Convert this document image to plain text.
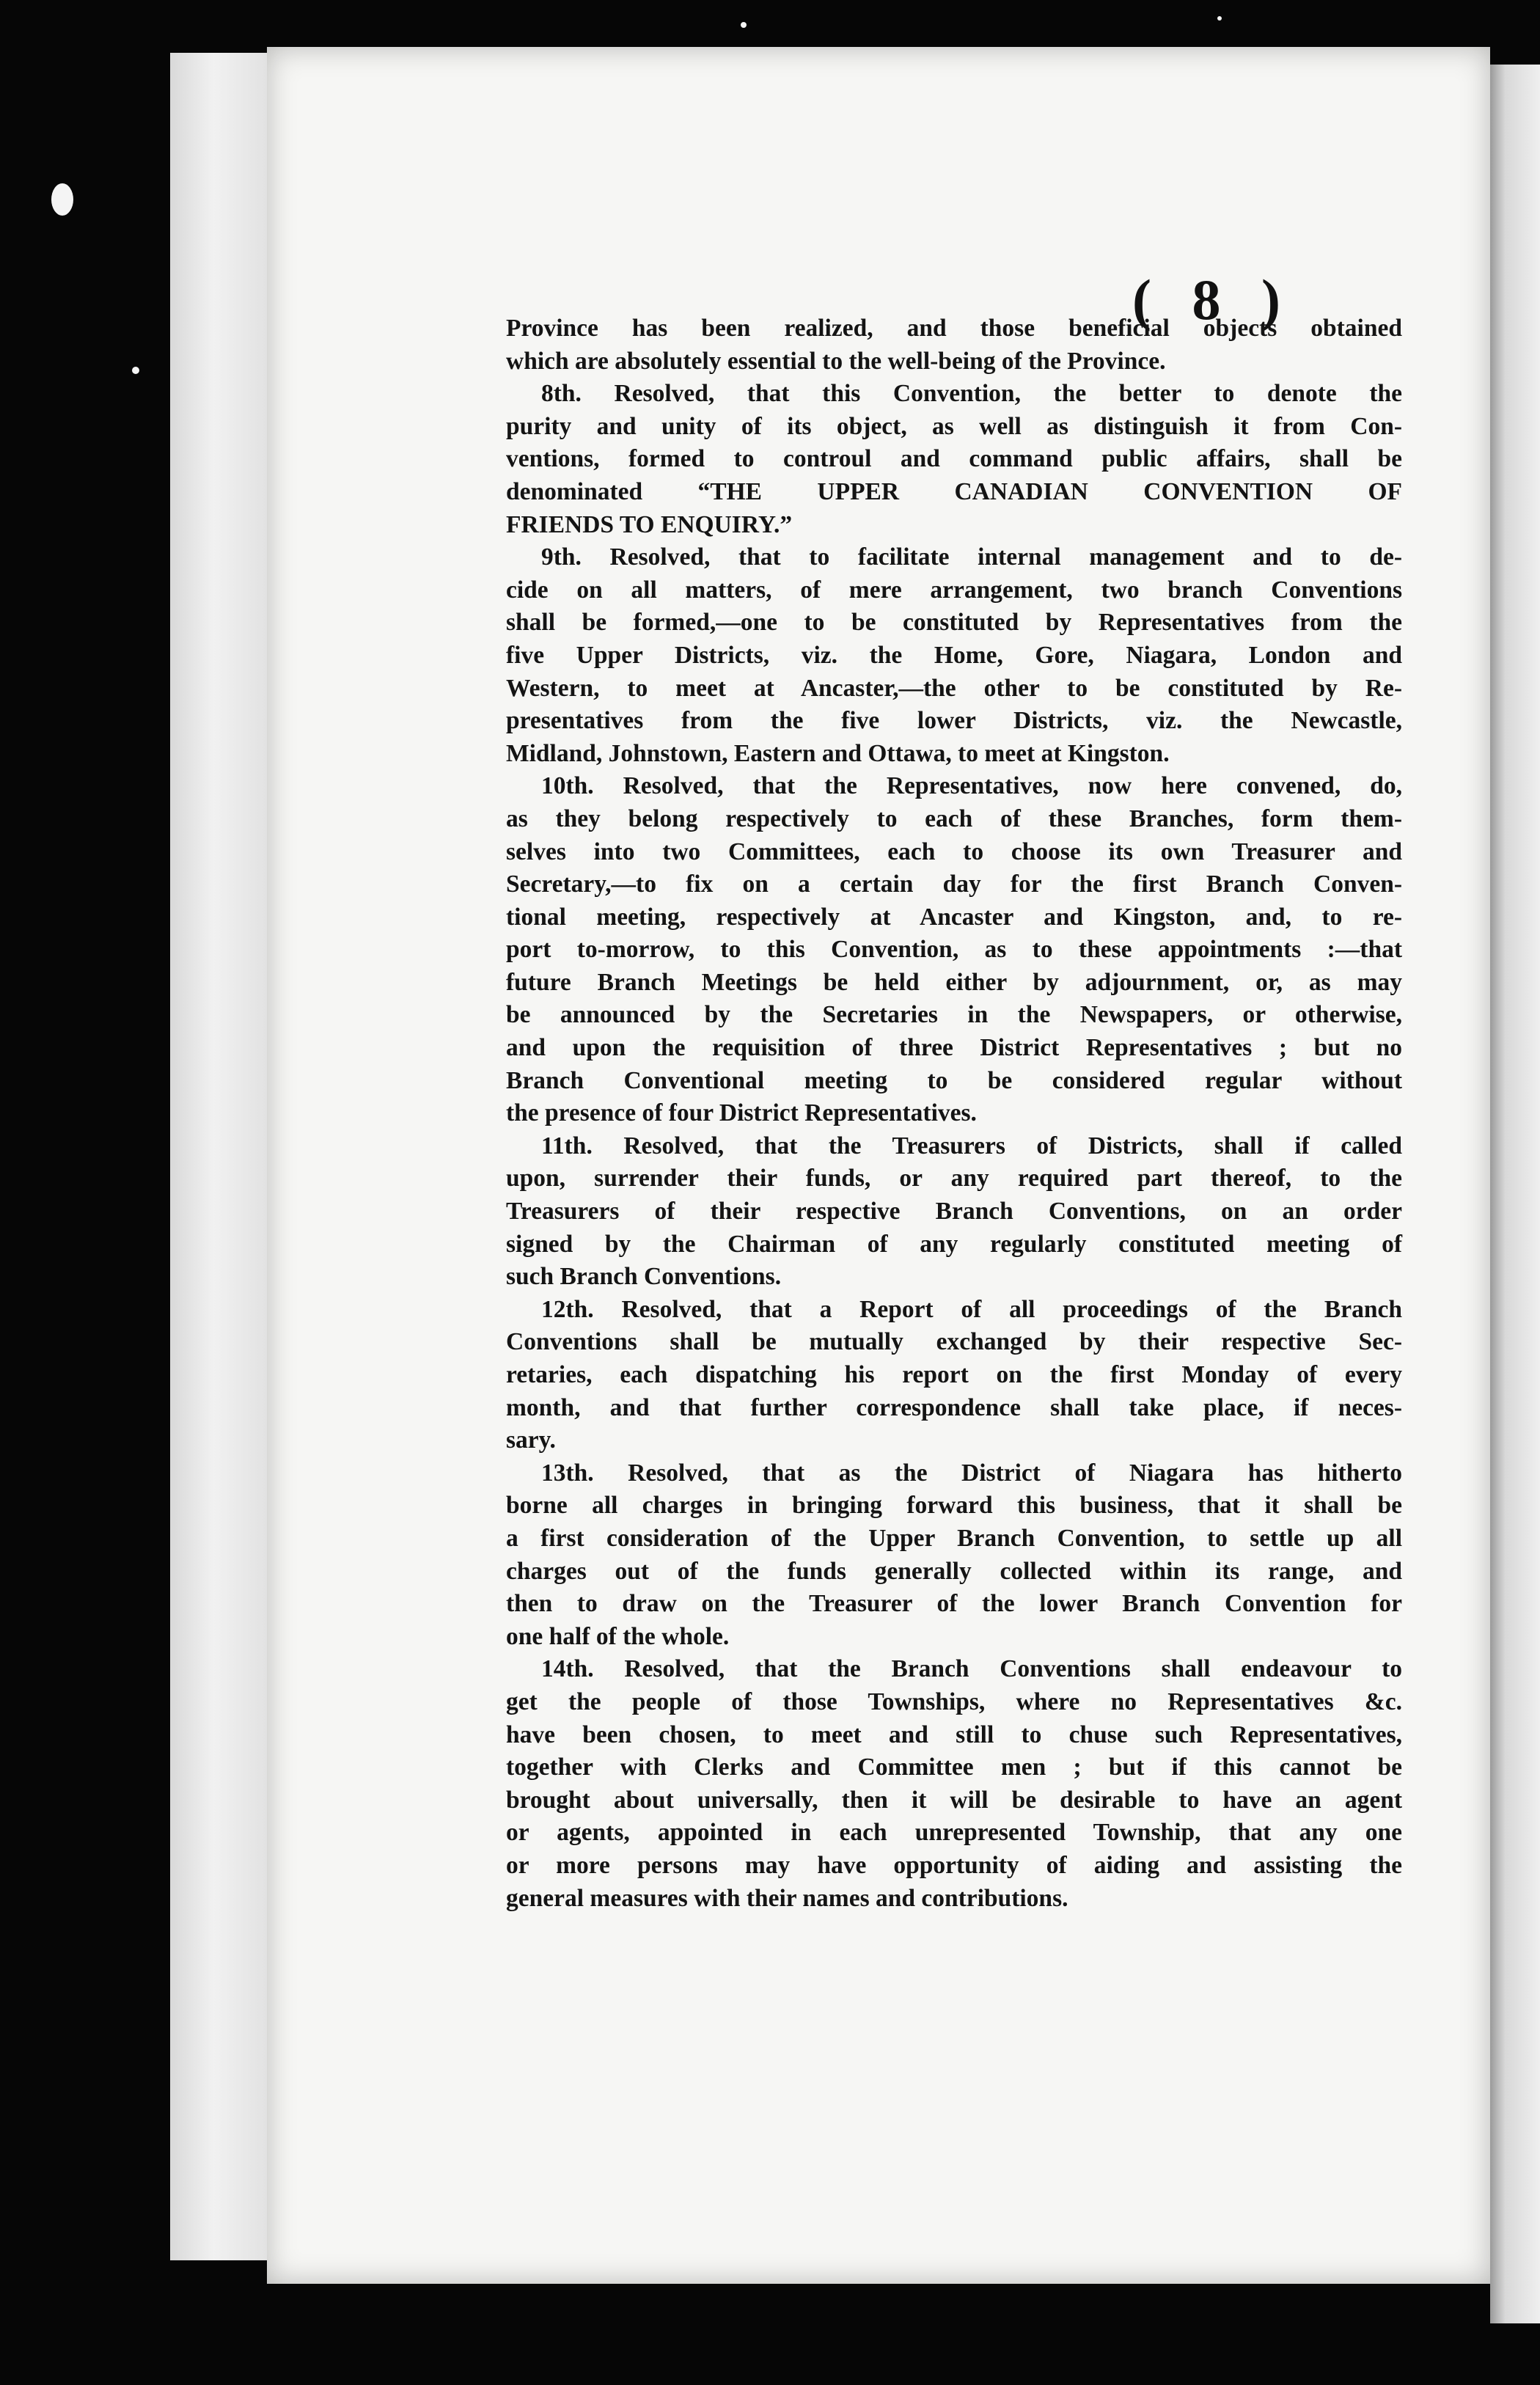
( 8 )
Province has been realized, and those beneficial objects obtained
which are absolutely essential to the well-being of the Province.
8th. Resolved, that this Convention, the better to denote the
purity and unity of its object, as well as distinguish it from Con-
ventions, formed to controul and command public affairs, shall be
denominated “THE UPPER CANADIAN CONVENTION OF
FRIENDS TO ENQUIRY.”
9th. Resolved, that to facilitate internal management and to de-
cide on all matters, of mere arrangement, two branch Conventions
shall be formed,—one to be constituted by Representatives from the
five Upper Districts, viz. the Home, Gore, Niagara, London and
Western, to meet at Ancaster,—the other to be constituted by Re-
presentatives from the five lower Districts, viz. the Newcastle,
Midland, Johnstown, Eastern and Ottawa, to meet at Kingston.
10th. Resolved, that the Representatives, now here convened, do,
as they belong respectively to each of these Branches, form them-
selves into two Committees, each to choose its own Treasurer and
Secretary,—to fix on a certain day for the first Branch Conven-
tional meeting, respectively at Ancaster and Kingston, and, to re-
port to-morrow, to this Convention, as to these appointments :—that
future Branch Meetings be held either by adjournment, or, as may
be announced by the Secretaries in the Newspapers, or otherwise,
and upon the requisition of three District Representatives ; but no
Branch Conventional meeting to be considered regular without
the presence of four District Representatives.
11th. Resolved, that the Treasurers of Districts, shall if called
upon, surrender their funds, or any required part thereof, to the
Treasurers of their respective Branch Conventions, on an order
signed by the Chairman of any regularly constituted meeting of
such Branch Conventions.
12th. Resolved, that a Report of all proceedings of the Branch
Conventions shall be mutually exchanged by their respective Sec-
retaries, each dispatching his report on the first Monday of every
month, and that further correspondence shall take place, if neces-
sary.
13th. Resolved, that as the District of Niagara has hitherto
borne all charges in bringing forward this business, that it shall be
a first consideration of the Upper Branch Convention, to settle up all
charges out of the funds generally collected within its range, and
then to draw on the Treasurer of the lower Branch Convention for
one half of the whole.
14th. Resolved, that the Branch Conventions shall endeavour to
get the people of those Townships, where no Representatives &c.
have been chosen, to meet and still to chuse such Representatives,
together with Clerks and Committee men ; but if this cannot be
brought about universally, then it will be desirable to have an agent
or agents, appointed in each unrepresented Township, that any one
or more persons may have opportunity of aiding and assisting the
general measures with their names and contributions.
